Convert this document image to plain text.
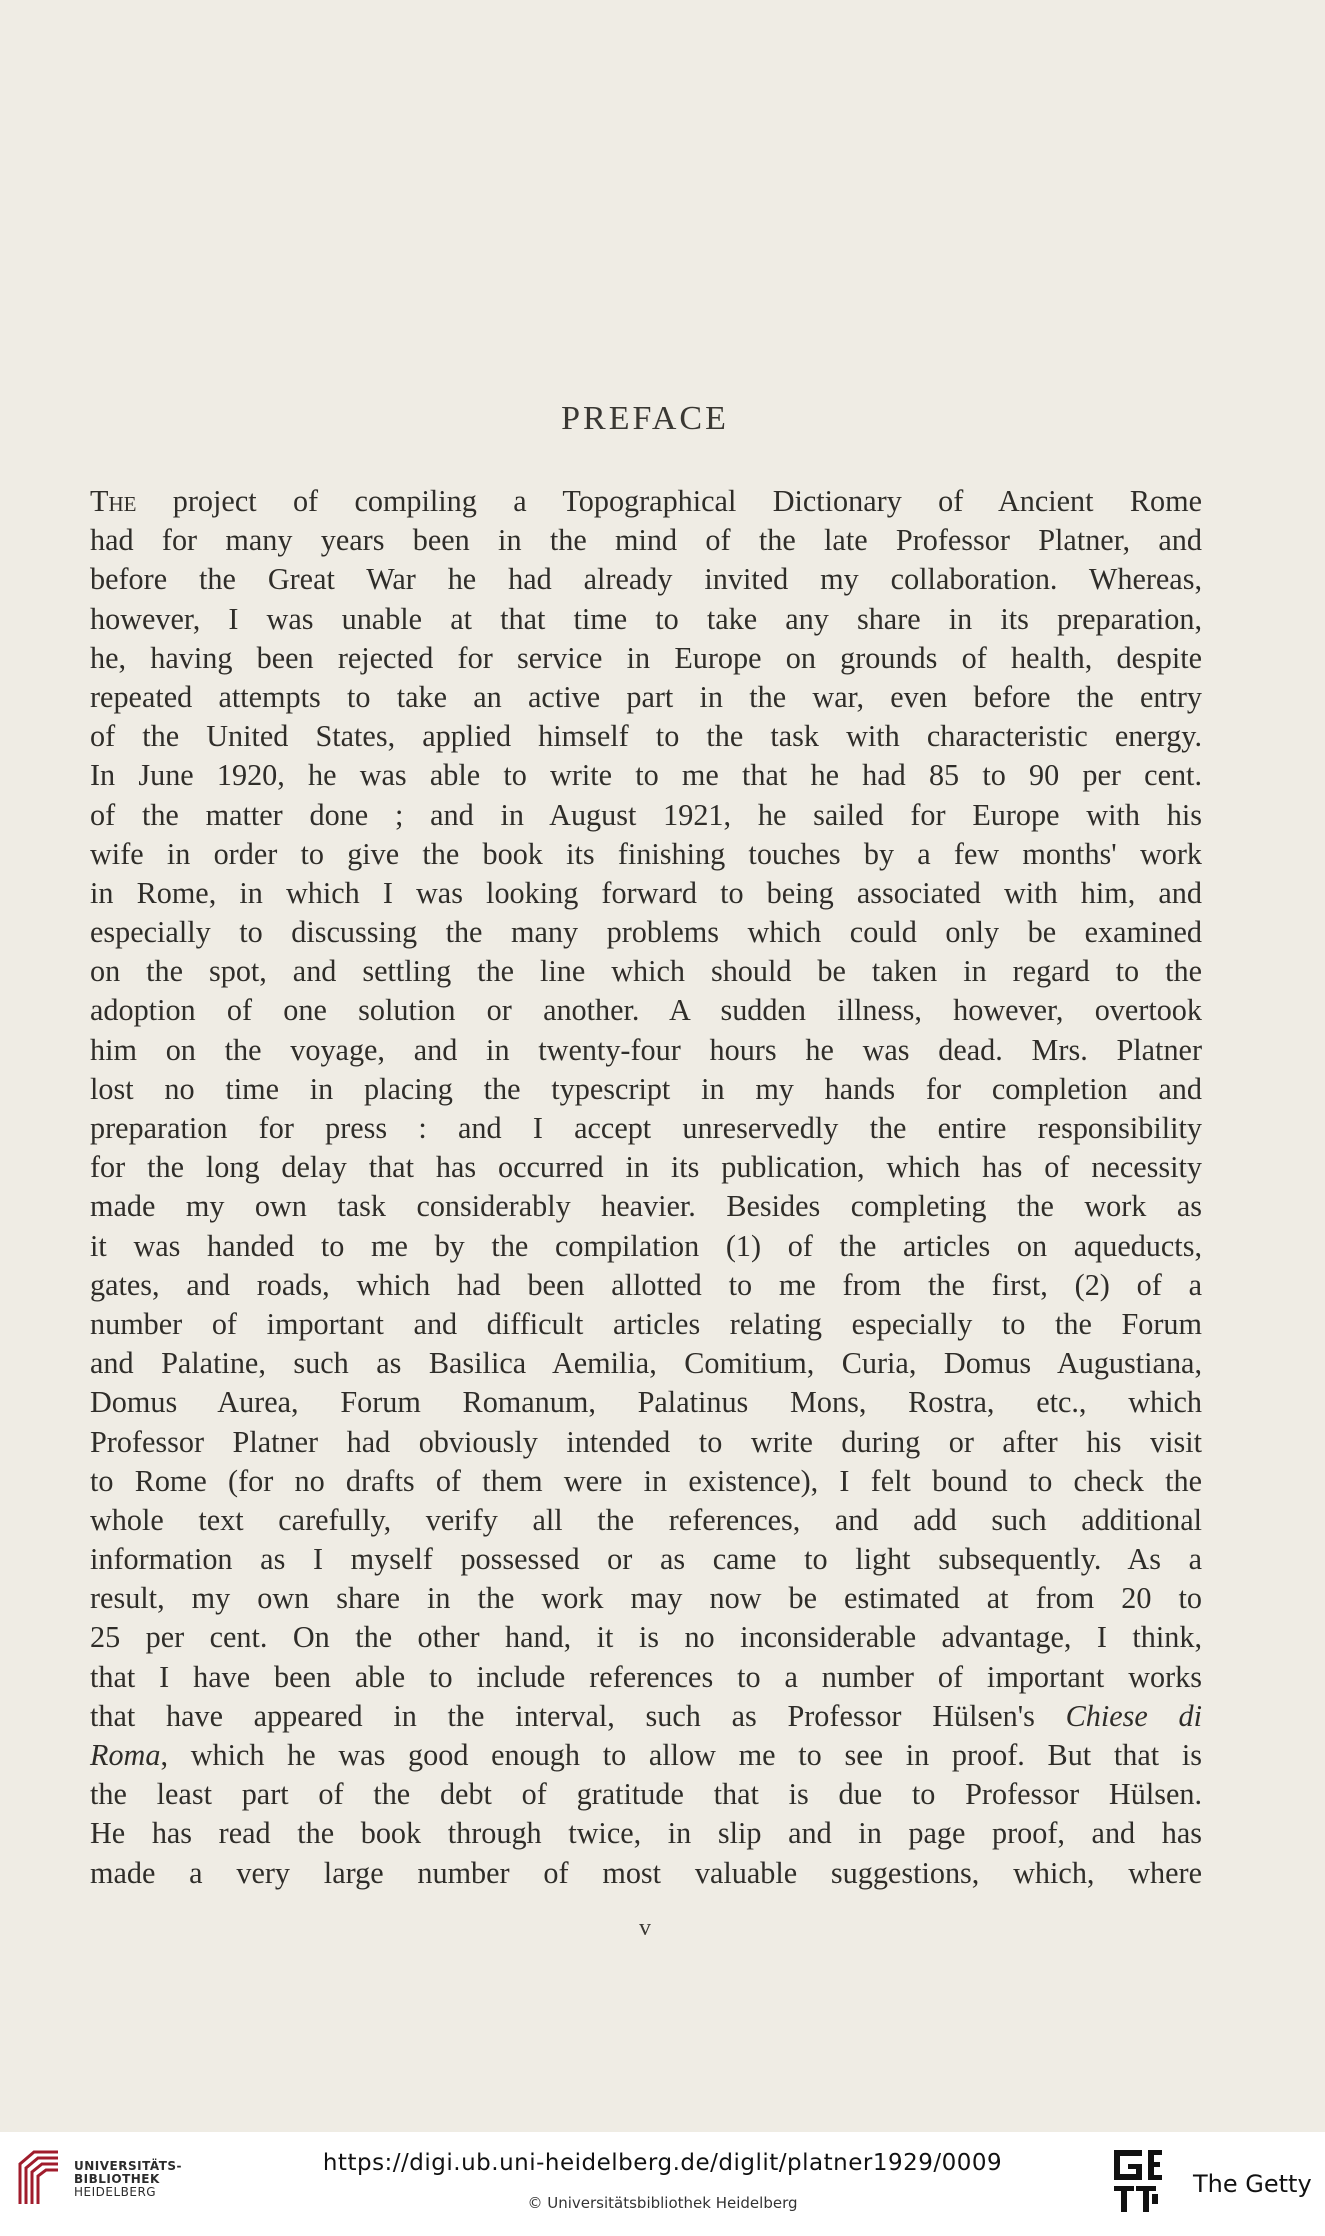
PREFACE
The project of compiling a Topographical Dictionary of Ancient Rome
had for many years been in the mind of the late Professor Platner, and
before the Great War he had already invited my collaboration. Whereas,
however, I was unable at that time to take any share in its preparation,
he, having been rejected for service in Europe on grounds of health, despite
repeated attempts to take an active part in the war, even before the entry
of the United States, applied himself to the task with characteristic energy.
In June 1920, he was able to write to me that he had 85 to 90 per cent.
of the matter done ; and in August 1921, he sailed for Europe with his
wife in order to give the book its finishing touches by a few months' work
in Rome, in which I was looking forward to being associated with him, and
especially to discussing the many problems which could only be examined
on the spot, and settling the line which should be taken in regard to the
adoption of one solution or another. A sudden illness, however, overtook
him on the voyage, and in twenty-four hours he was dead. Mrs. Platner
lost no time in placing the typescript in my hands for completion and
preparation for press : and I accept unreservedly the entire responsibility
for the long delay that has occurred in its publication, which has of necessity
made my own task considerably heavier. Besides completing the work as
it was handed to me by the compilation (1) of the articles on aqueducts,
gates, and roads, which had been allotted to me from the first, (2) of a
number of important and difficult articles relating especially to the Forum
and Palatine, such as Basilica Aemilia, Comitium, Curia, Domus Augustiana,
Domus Aurea, Forum Romanum, Palatinus Mons, Rostra, etc., which
Professor Platner had obviously intended to write during or after his visit
to Rome (for no drafts of them were in existence), I felt bound to check the
whole text carefully, verify all the references, and add such additional
information as I myself possessed or as came to light subsequently. As a
result, my own share in the work may now be estimated at from 20 to
25 per cent. On the other hand, it is no inconsiderable advantage, I think,
that I have been able to include references to a number of important works
that have appeared in the interval, such as Professor Hülsen's Chiese di
Roma, which he was good enough to allow me to see in proof. But that is
the least part of the debt of gratitude that is due to Professor Hülsen.
He has read the book through twice, in slip and in page proof, and has
made a very large number of most valuable suggestions, which, where
v
UNIVERSITÄTS-
BIBLIOTHEK
HEIDELBERG
https://digi.ub.uni-heidelberg.de/diglit/platner1929/0009
© Universitätsbibliothek Heidelberg
The Getty
